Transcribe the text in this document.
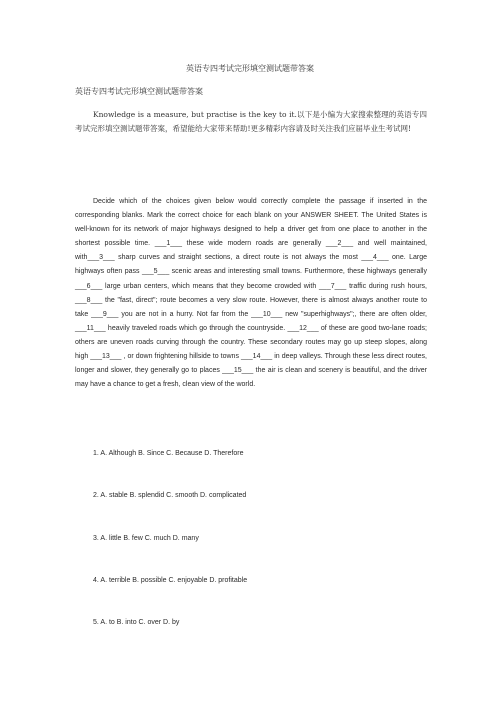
英语专四考试完形填空测试题带答案
英语专四考试完形填空测试题带答案

Knowledge is a measure, but practise is the key to it.以下是小编为大家搜索整理的英语专四考试完形填空测试题带答案，希望能给大家带来帮助!更多精彩内容请及时关注我们应届毕业生考试网!

Decide which of the choices given below would correctly complete the passage if inserted in the corresponding blanks. Mark the correct choice for each blank on your ANSWER SHEET. The United States is well-known for its network of major highways designed to help a driver get from one place to another in the shortest possible time. ___1___ these wide modern roads are generally ___2___ and well maintained, with___3___ sharp curves and straight sections, a direct route is not always the most ___4___ one. Large highways often pass ___5___ scenic areas and interesting small towns. Furthermore, these highways generally ___6___ large urban centers, which means that they become crowded with ___7___ traffic during rush hours, ___8___ the "fast, direct"; route becomes a very slow route. However, there is almost always another route to take ___9___ you are not in a hurry. Not far from the ___10___ new "superhighways";, there are often older, ___11___ heavily traveled roads which go through the countryside. ___12___ of these are good two-lane roads; others are uneven roads curving through the country. These secondary routes may go up steep slopes, along high ___13___ , or down frightening hillside to towns ___14___ in deep valleys. Through these less direct routes, longer and slower, they generally go to places ___15___ the air is clean and scenery is beautiful, and the driver may have a chance to get a fresh, clean view of the world.

1. A. Although B. Since C. Because D. Therefore
2. A. stable B. splendid C. smooth D. complicated
3. A. little B. few C. much D. many
4. A. terrible B. possible C. enjoyable D. profitable
5. A. to B. into C. over D. by
